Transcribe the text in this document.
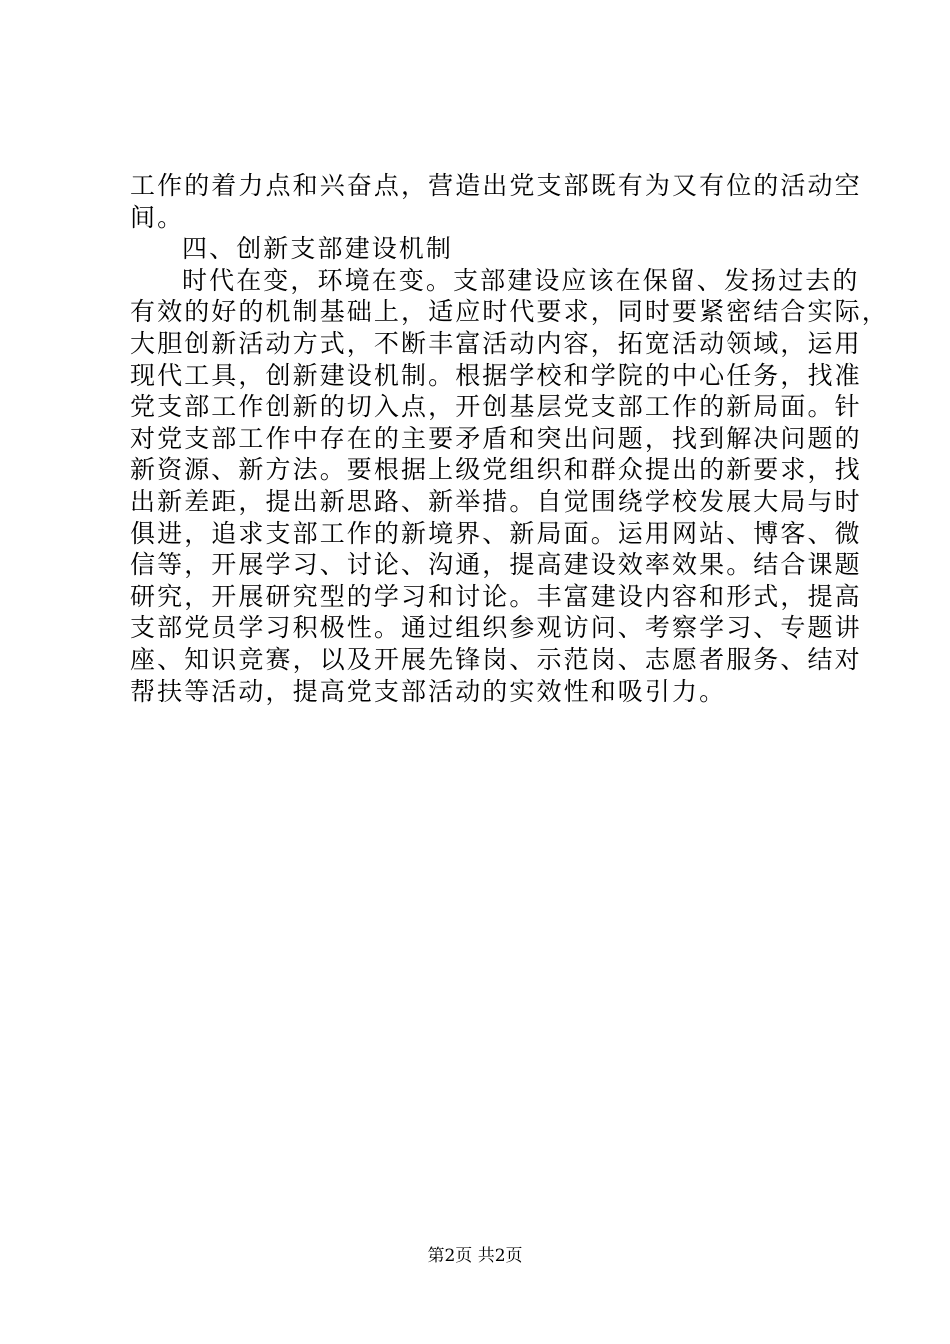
工作的着力点和兴奋点，营造出党支部既有为又有位的活动空
间。
四、创新支部建设机制
时代在变，环境在变。支部建设应该在保留、发扬过去的
有效的好的机制基础上，适应时代要求，同时要紧密结合实际，
大胆创新活动方式，不断丰富活动内容，拓宽活动领域，运用
现代工具，创新建设机制。根据学校和学院的中心任务，找准
党支部工作创新的切入点，开创基层党支部工作的新局面。针
对党支部工作中存在的主要矛盾和突出问题，找到解决问题的
新资源、新方法。要根据上级党组织和群众提出的新要求，找
出新差距，提出新思路、新举措。自觉围绕学校发展大局与时
俱进，追求支部工作的新境界、新局面。运用网站、博客、微
信等，开展学习、讨论、沟通，提高建设效率效果。结合课题
研究，开展研究型的学习和讨论。丰富建设内容和形式，提高
支部党员学习积极性。通过组织参观访问、考察学习、专题讲
座、知识竞赛，以及开展先锋岗、示范岗、志愿者服务、结对
帮扶等活动，提高党支部活动的实效性和吸引力。
第2页 共2页
